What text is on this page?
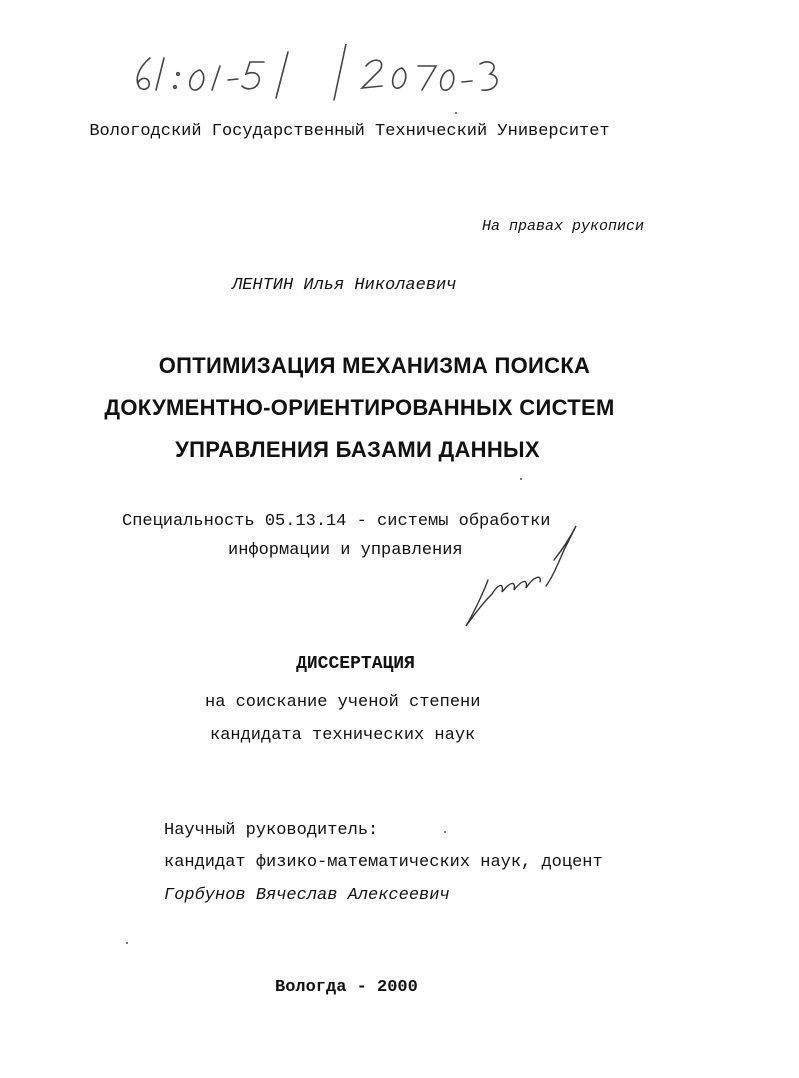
Вологодский Государственный Технический Университет
На правах рукописи
ЛЕНТИН Илья Николаевич
ОПТИМИЗАЦИЯ МЕХАНИЗМА ПОИСКА
ДОКУМЕНТНО-ОРИЕНТИРОВАННЫХ СИСТЕМ
УПРАВЛЕНИЯ БАЗАМИ ДАННЫХ
Специальность 05.13.14 - системы обработки
информации и управления
ДИССЕРТАЦИЯ
на соискание ученой степени
кандидата технических наук
Научный руководитель:
кандидат физико-математических наук, доцент
Горбунов Вячеслав Алексеевич
Вологда - 2000
